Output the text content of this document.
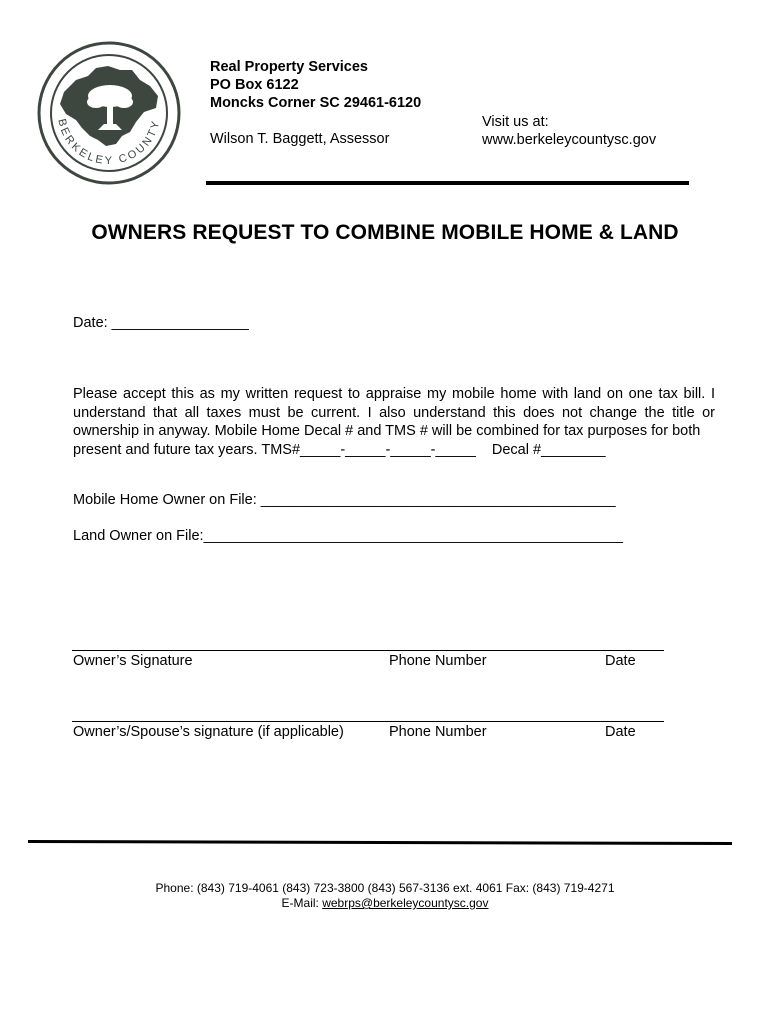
BERKELEY COUNTY
Real Property Services
PO Box 6122
Moncks Corner SC 29461-6120
Wilson T. Baggett, Assessor
Visit us at:
www.berkeleycountysc.gov
OWNERS REQUEST TO COMBINE MOBILE HOME & LAND
Date: _________________
Please accept this as my written request to appraise my mobile home with land on one tax bill. I understand that all taxes must be current. I also understand this does not change the title or ownership in anyway. Mobile Home Decal # and TMS # will be combined for tax purposes for both
present and future tax years. TMS#_____-_____-_____-_____    Decal #________
Mobile Home Owner on File: ____________________________________________
Land Owner on File:____________________________________________________
Owner’s Signature	Phone Number	Date
Owner’s/Spouse’s signature (if applicable)	Phone Number	Date
Phone: (843) 719-4061 (843) 723-3800 (843) 567-3136 ext. 4061 Fax: (843) 719-4271
E-Mail: webrps@berkeleycountysc.gov
